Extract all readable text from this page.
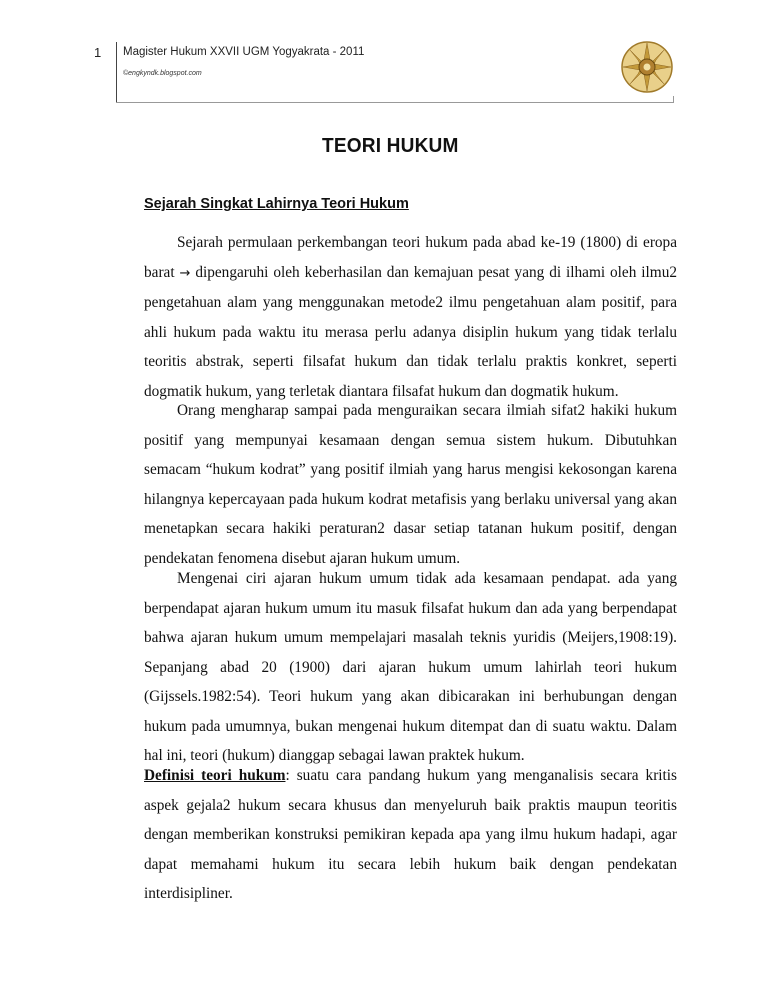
1 Magister Hukum XXVII UGM Yogyakrata - 2011
©engkyndk.blogspot.com
TEORI HUKUM
Sejarah Singkat Lahirnya Teori Hukum

Sejarah permulaan perkembangan teori hukum pada abad ke-19 (1800) di eropa barat → dipengaruhi oleh keberhasilan dan kemajuan pesat yang di ilhami oleh ilmu2 pengetahuan alam yang menggunakan metode2 ilmu pengetahuan alam positif, para ahli hukum pada waktu itu merasa perlu adanya disiplin hukum yang tidak terlalu teoritis abstrak, seperti filsafat hukum dan tidak terlalu praktis konkret, seperti dogmatik hukum, yang terletak diantara filsafat hukum dan dogmatik hukum.

Orang mengharap sampai pada menguraikan secara ilmiah sifat2 hakiki hukum positif yang mempunyai kesamaan dengan semua sistem hukum. Dibutuhkan semacam “hukum kodrat” yang positif ilmiah yang harus mengisi kekosongan karena hilangnya kepercayaan pada hukum kodrat metafisis yang berlaku universal yang akan menetapkan secara hakiki peraturan2 dasar setiap tatanan hukum positif, dengan pendekatan fenomena disebut ajaran hukum umum.

Mengenai ciri ajaran hukum umum tidak ada kesamaan pendapat. ada yang berpendapat ajaran hukum umum itu masuk filsafat hukum dan ada yang berpendapat bahwa ajaran hukum umum mempelajari masalah teknis yuridis (Meijers,1908:19). Sepanjang abad 20 (1900) dari ajaran hukum umum lahirlah teori hukum (Gijssels.1982:54). Teori hukum yang akan dibicarakan ini berhubungan dengan hukum pada umumnya, bukan mengenai hukum ditempat dan di suatu waktu. Dalam hal ini, teori (hukum) dianggap sebagai lawan praktek hukum.

Definisi teori hukum: suatu cara pandang hukum yang menganalisis secara kritis aspek gejala2 hukum secara khusus dan menyeluruh baik praktis maupun teoritis dengan memberikan konstruksi pemikiran kepada apa yang ilmu hukum hadapi, agar dapat memahami hukum itu secara lebih hukum baik dengan pendekatan interdisipliner.
